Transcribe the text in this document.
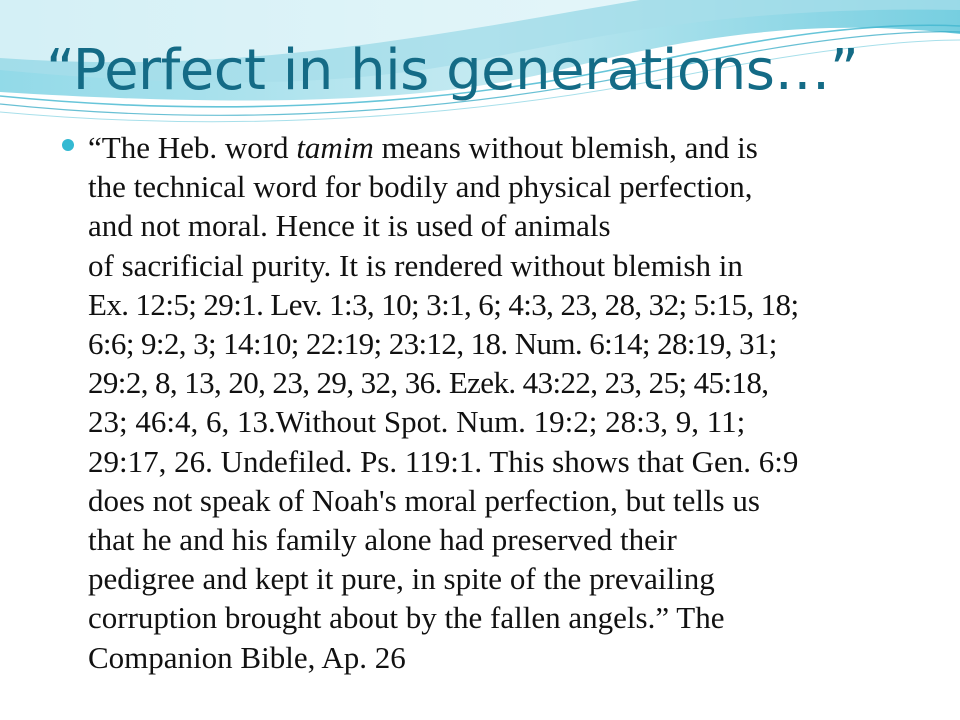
“Perfect in his generations…”

“The Heb. word tamim means without blemish, and is
the technical word for bodily and physical perfection,
and not moral. Hence it is used of animals
of sacrificial purity. It is rendered without blemish in
Ex. 12:5; 29:1. Lev. 1:3, 10; 3:1, 6; 4:3, 23, 28, 32; 5:15, 18;
6:6; 9:2, 3; 14:10; 22:19; 23:12, 18. Num. 6:14; 28:19, 31;
29:2, 8, 13, 20, 23, 29, 32, 36. Ezek. 43:22, 23, 25; 45:18,
23; 46:4, 6, 13.Without Spot. Num. 19:2; 28:3, 9, 11;
29:17, 26. Undefiled. Ps. 119:1. This shows that Gen. 6:9
does not speak of Noah's moral perfection, but tells us
that he and his family alone had preserved their
pedigree and kept it pure, in spite of the prevailing
corruption brought about by the fallen angels.” The
Companion Bible, Ap. 26
